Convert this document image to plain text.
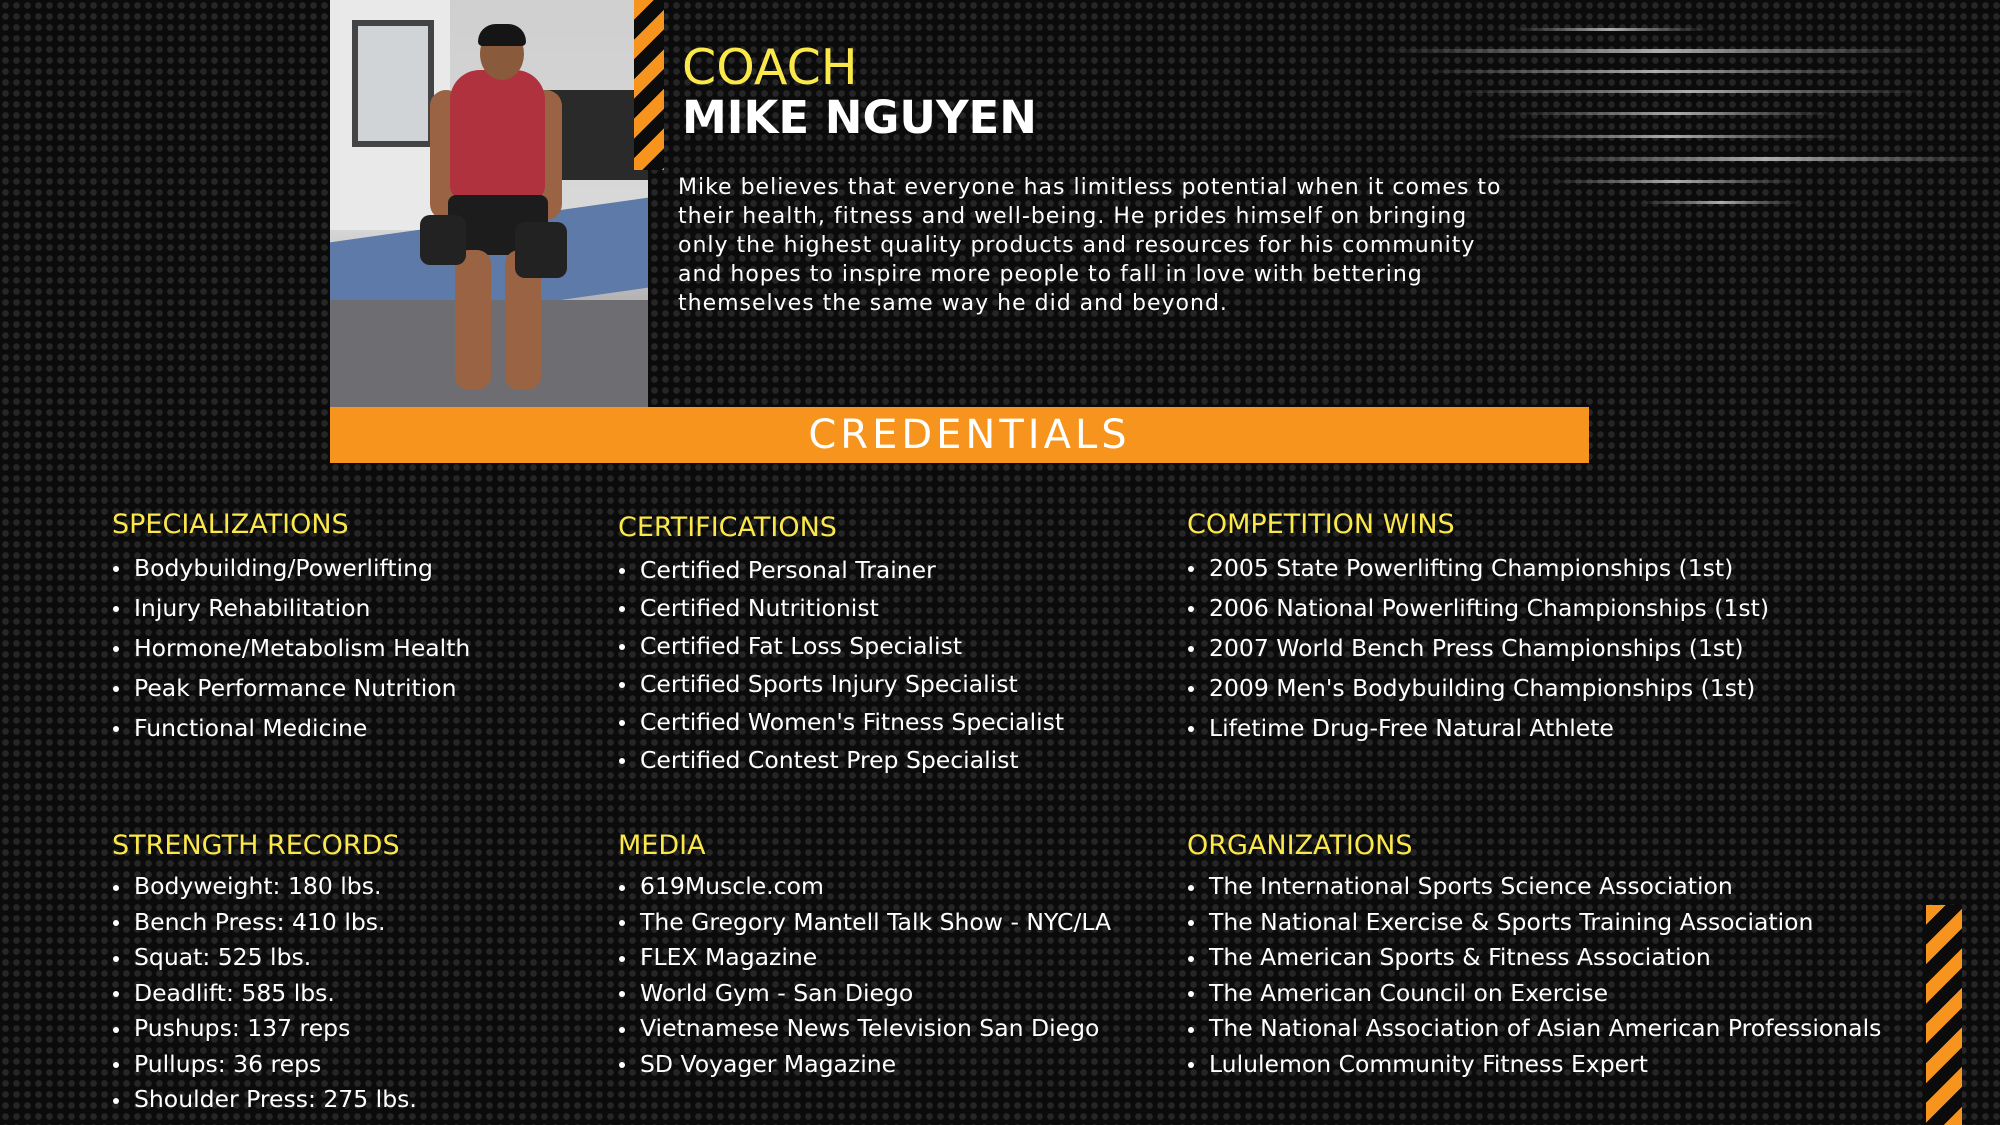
COACH
MIKE NGUYEN

Mike believes that everyone has limitless potential when it comes to their health, fitness and well-being. He prides himself on bringing only the highest quality products and resources for his community and hopes to inspire more people to fall in love with bettering themselves the same way he did and beyond.

CREDENTIALS
SPECIALIZATIONS
Bodybuilding/Powerlifting
Injury Rehabilitation
Hormone/Metabolism Health
Peak Performance Nutrition
Functional Medicine
CERTIFICATIONS
Certified Personal Trainer
Certified Nutritionist
Certified Fat Loss Specialist
Certified Sports Injury Specialist
Certified Women's Fitness Specialist
Certified Contest Prep Specialist
COMPETITION WINS
2005 State Powerlifting Championships (1st)
2006 National Powerlifting Championships (1st)
2007 World Bench Press Championships (1st)
2009 Men's Bodybuilding Championships (1st)
Lifetime Drug-Free Natural Athlete
STRENGTH RECORDS
Bodyweight: 180 lbs.
Bench Press: 410 lbs.
Squat: 525 lbs.
Deadlift: 585 lbs.
Pushups: 137 reps
Pullups: 36 reps
Shoulder Press: 275 lbs.
MEDIA
619Muscle.com
The Gregory Mantell Talk Show - NYC/LA
FLEX Magazine
World Gym - San Diego
Vietnamese News Television San Diego
SD Voyager Magazine
ORGANIZATIONS
The International Sports Science Association
The National Exercise & Sports Training Association
The American Sports & Fitness Association
The American Council on Exercise
The National Association of Asian American Professionals
Lululemon Community Fitness Expert
